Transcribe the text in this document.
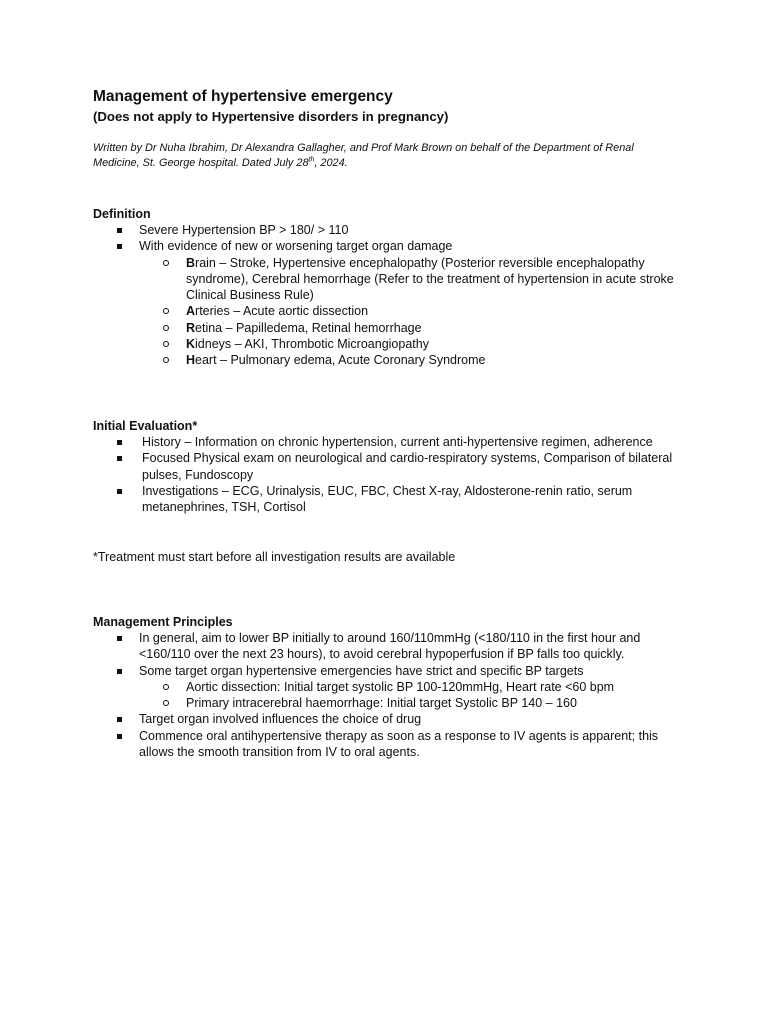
Management of hypertensive emergency
(Does not apply to Hypertensive disorders in pregnancy)

Written by Dr Nuha Ibrahim, Dr Alexandra Gallagher, and Prof Mark Brown on behalf of the Department of Renal Medicine, St. George hospital. Dated July 28th, 2024.

Definition
Severe Hypertension BP > 180/ > 110
With evidence of new or worsening target organ damage
Brain – Stroke, Hypertensive encephalopathy (Posterior reversible encephalopathy syndrome), Cerebral hemorrhage (Refer to the treatment of hypertension in acute stroke Clinical Business Rule)
Arteries – Acute aortic dissection
Retina – Papilledema, Retinal hemorrhage
Kidneys – AKI, Thrombotic Microangiopathy
Heart – Pulmonary edema, Acute Coronary Syndrome
Initial Evaluation*
History – Information on chronic hypertension, current anti-hypertensive regimen, adherence
Focused Physical exam on neurological and cardio-respiratory systems, Comparison of bilateral pulses, Fundoscopy
Investigations – ECG, Urinalysis, EUC, FBC, Chest X-ray, Aldosterone-renin ratio, serum metanephrines, TSH, Cortisol
*Treatment must start before all investigation results are available
Management Principles
In general, aim to lower BP initially to around 160/110mmHg (<180/110 in the first hour and <160/110 over the next 23 hours), to avoid cerebral hypoperfusion if BP falls too quickly.
Some target organ hypertensive emergencies have strict and specific BP targets
Aortic dissection: Initial target systolic BP 100-120mmHg, Heart rate <60 bpm
Primary intracerebral haemorrhage: Initial target Systolic BP 140 – 160
Target organ involved influences the choice of drug
Commence oral antihypertensive therapy as soon as a response to IV agents is apparent; this allows the smooth transition from IV to oral agents.
